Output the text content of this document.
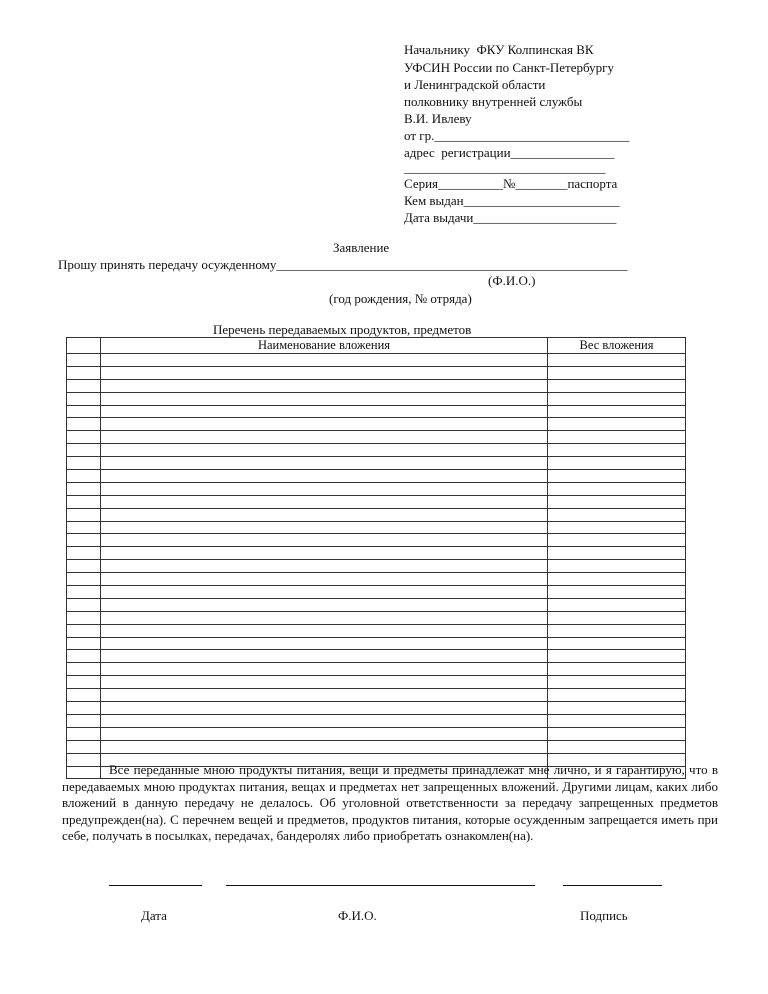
Начальнику  ФКУ Колпинская ВК
УФСИН России по Санкт-Петербургу
и Ленинградской области
полковнику внутренней службы
В.И. Ивлеву
от гр.______________________________
адрес  регистрации________________
_______________________________
Серия__________№________паспорта
Кем выдан________________________
Дата выдачи______________________
Заявление
Прошу принять передачу осужденному______________________________________________________
(Ф.И.О.)
(год рождения, № отряда)
Перечень передаваемых продуктов, предметов
	Наименование вложения	Вес вложения

Все переданные мною продукты питания, вещи и предметы принадлежат мне лично, и я гарантирую, что в передаваемых мною продуктах питания, вещах и предметах нет запрещенных вложений. Другими лицам, каких либо вложений в данную передачу не делалось. Об уголовной ответственности за передачу запрещенных предметов предупрежден(на). С перечнем вещей и предметов, продуктов питания, которые осужденным запрещается иметь при себе, получать в посылках, передачах, бандеролях либо приобретать ознакомлен(на).

Дата	Ф.И.О.	Подпись
